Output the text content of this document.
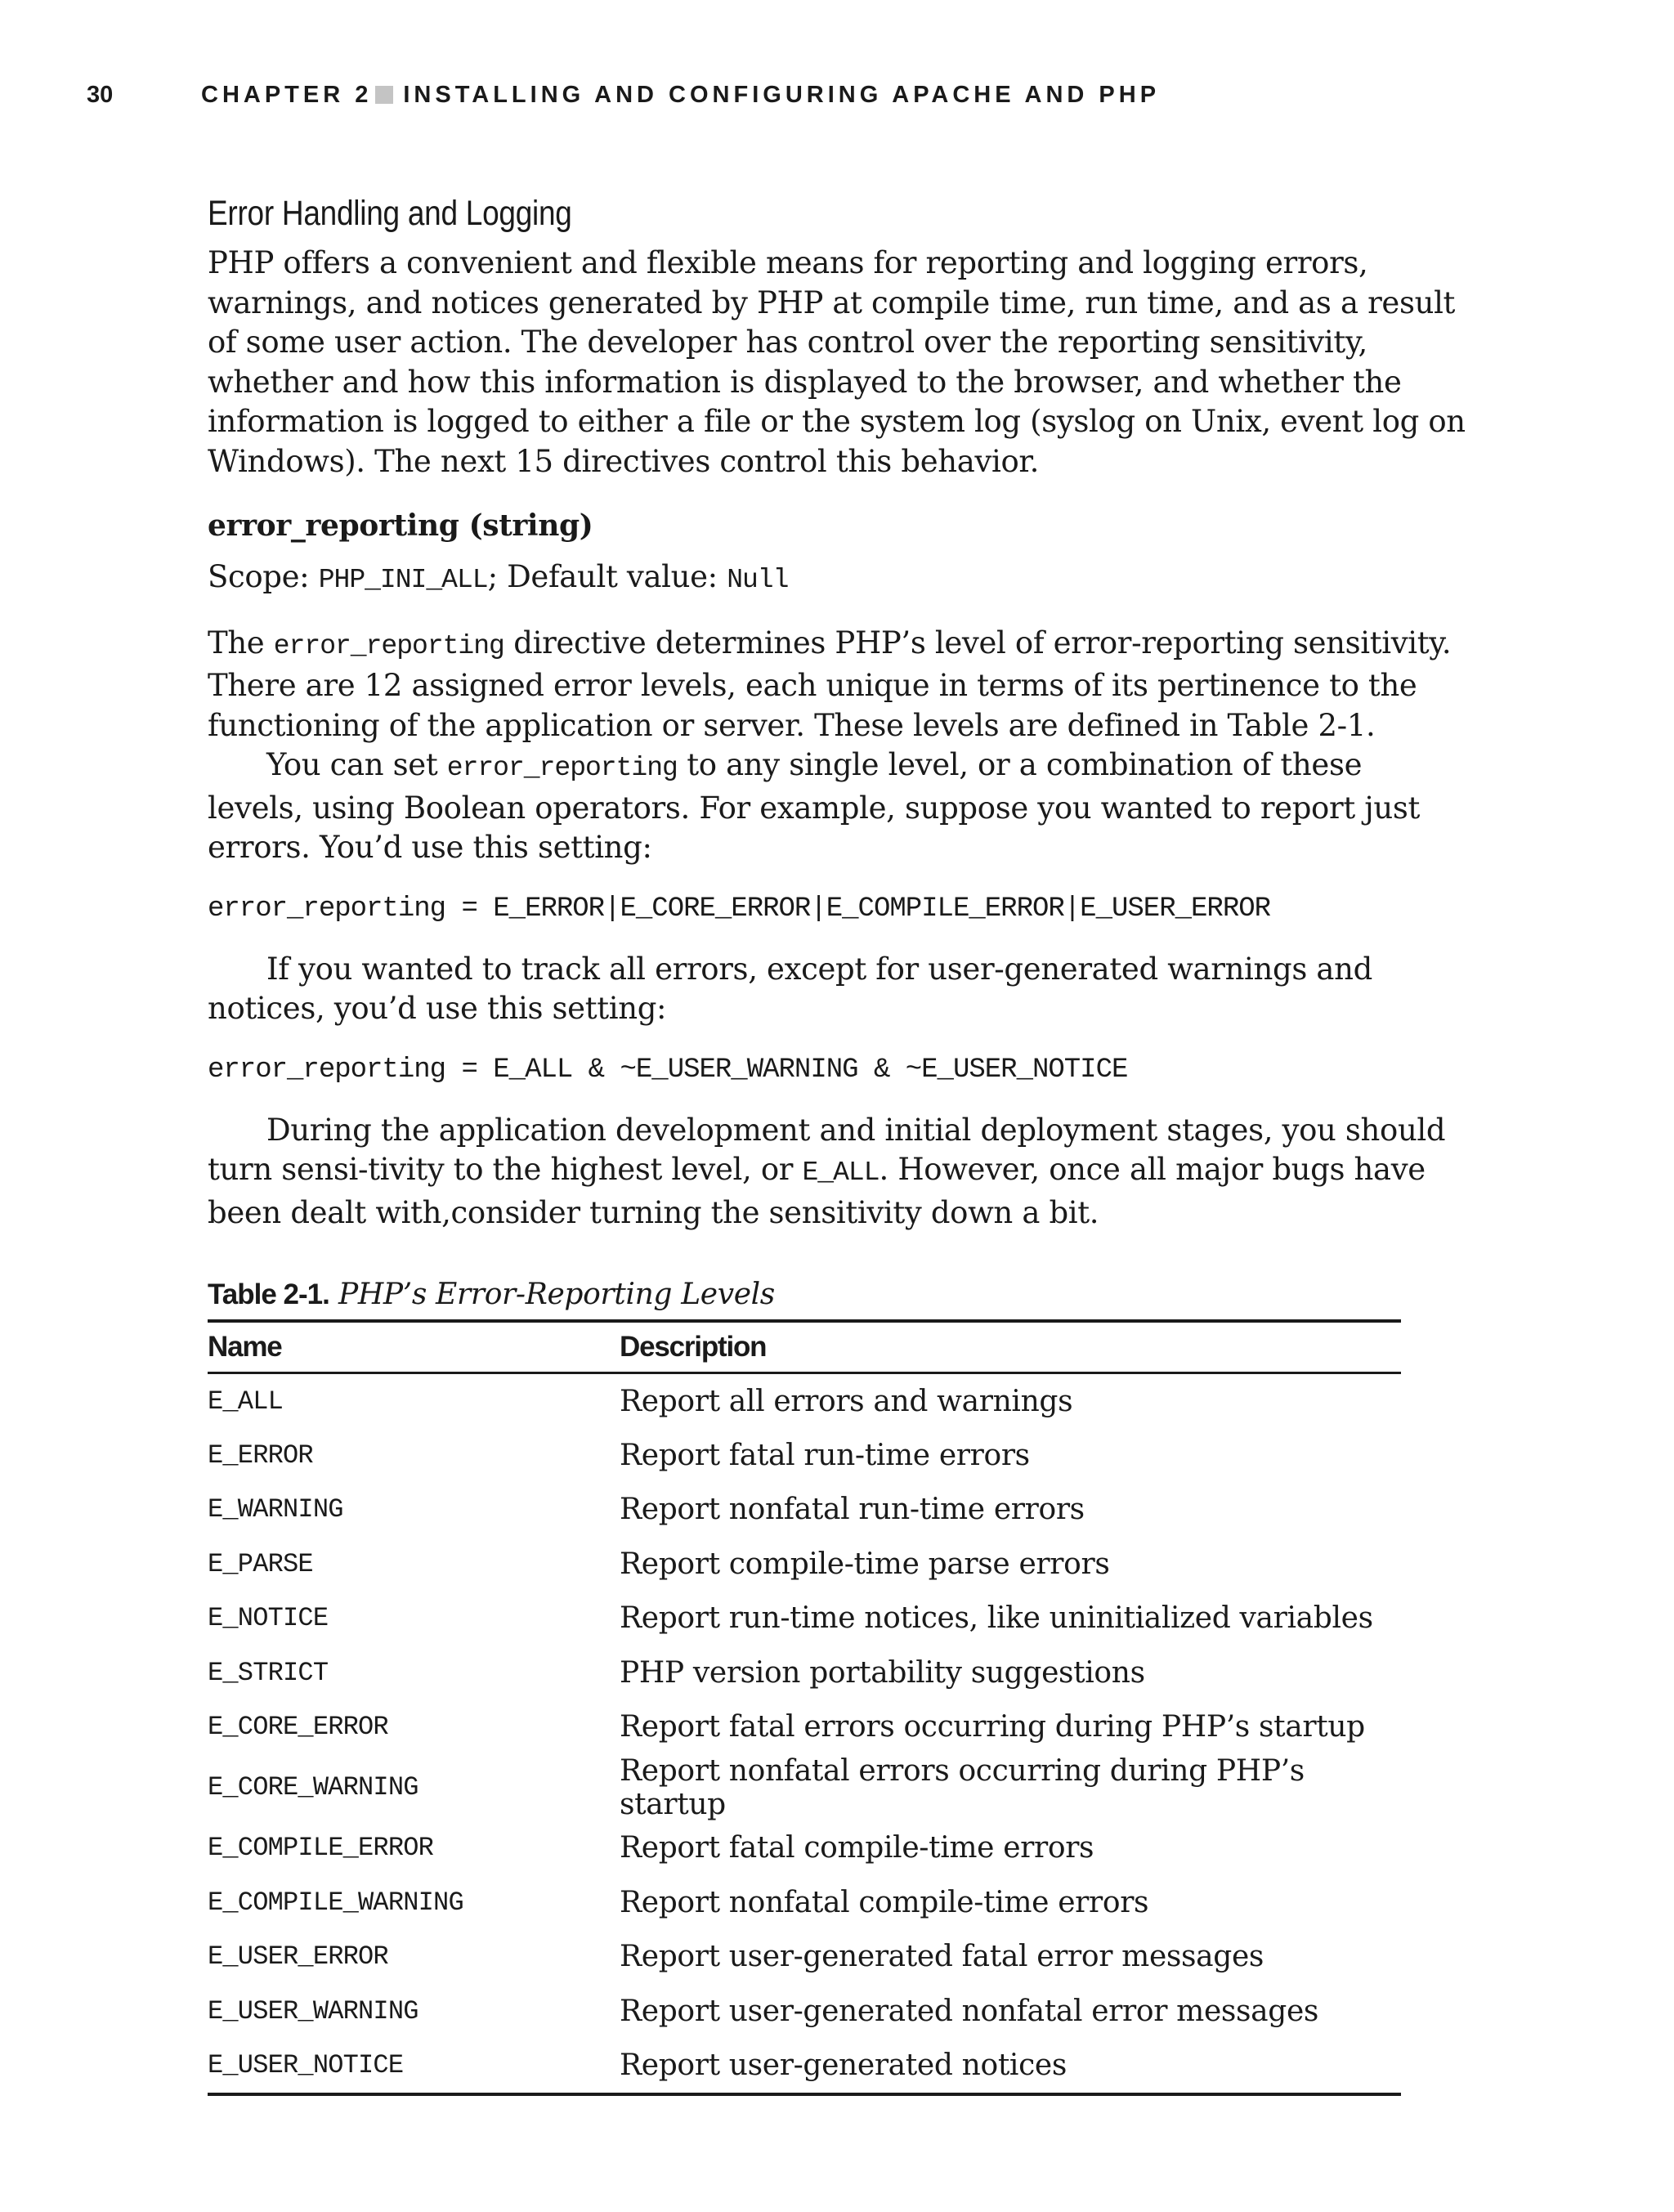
30	CHAPTER 2 INSTALLING AND CONFIGURING APACHE AND PHP
Error Handling and Logging

PHP offers a convenient and flexible means for reporting and logging errors, warnings, and notices generated by PHP at compile time, run time, and as a result of some user action. The developer has control over the reporting sensitivity, whether and how this information is displayed to the browser, and whether the information is logged to either a file or the system log (syslog on Unix, event log on Windows). The next 15 directives control this behavior.

error_reporting (string)

Scope: PHP_INI_ALL; Default value: Null

The error_reporting directive determines PHP’s level of error-reporting sensitivity. There are 12 assigned error levels, each unique in terms of its pertinence to the functioning of the application or server. These levels are defined in Table 2-1.

You can set error_reporting to any single level, or a combination of these levels, using Boolean operators. For example, suppose you wanted to report just errors. You’d use this setting:

error_reporting = E_ERROR|E_CORE_ERROR|E_COMPILE_ERROR|E_USER_ERROR

If you wanted to track all errors, except for user-generated warnings and notices, you’d use this setting:

error_reporting = E_ALL & ~E_USER_WARNING & ~E_USER_NOTICE

During the application development and initial deployment stages, you should turn sensi-tivity to the highest level, or E_ALL. However, once all major bugs have been dealt with,consider turning the sensitivity down a bit.

Table 2-1. PHP’s Error-Reporting Levels

Name	Description
E_ALL	Report all errors and warnings
E_ERROR	Report fatal run-time errors
E_WARNING	Report nonfatal run-time errors
E_PARSE	Report compile-time parse errors
E_NOTICE	Report run-time notices, like uninitialized variables
E_STRICT	PHP version portability suggestions
E_CORE_ERROR	Report fatal errors occurring during PHP’s startup
E_CORE_WARNING	Report nonfatal errors occurring during PHP’s startup
E_COMPILE_ERROR	Report fatal compile-time errors
E_COMPILE_WARNING	Report nonfatal compile-time errors
E_USER_ERROR	Report user-generated fatal error messages
E_USER_WARNING	Report user-generated nonfatal error messages
E_USER_NOTICE	Report user-generated notices
